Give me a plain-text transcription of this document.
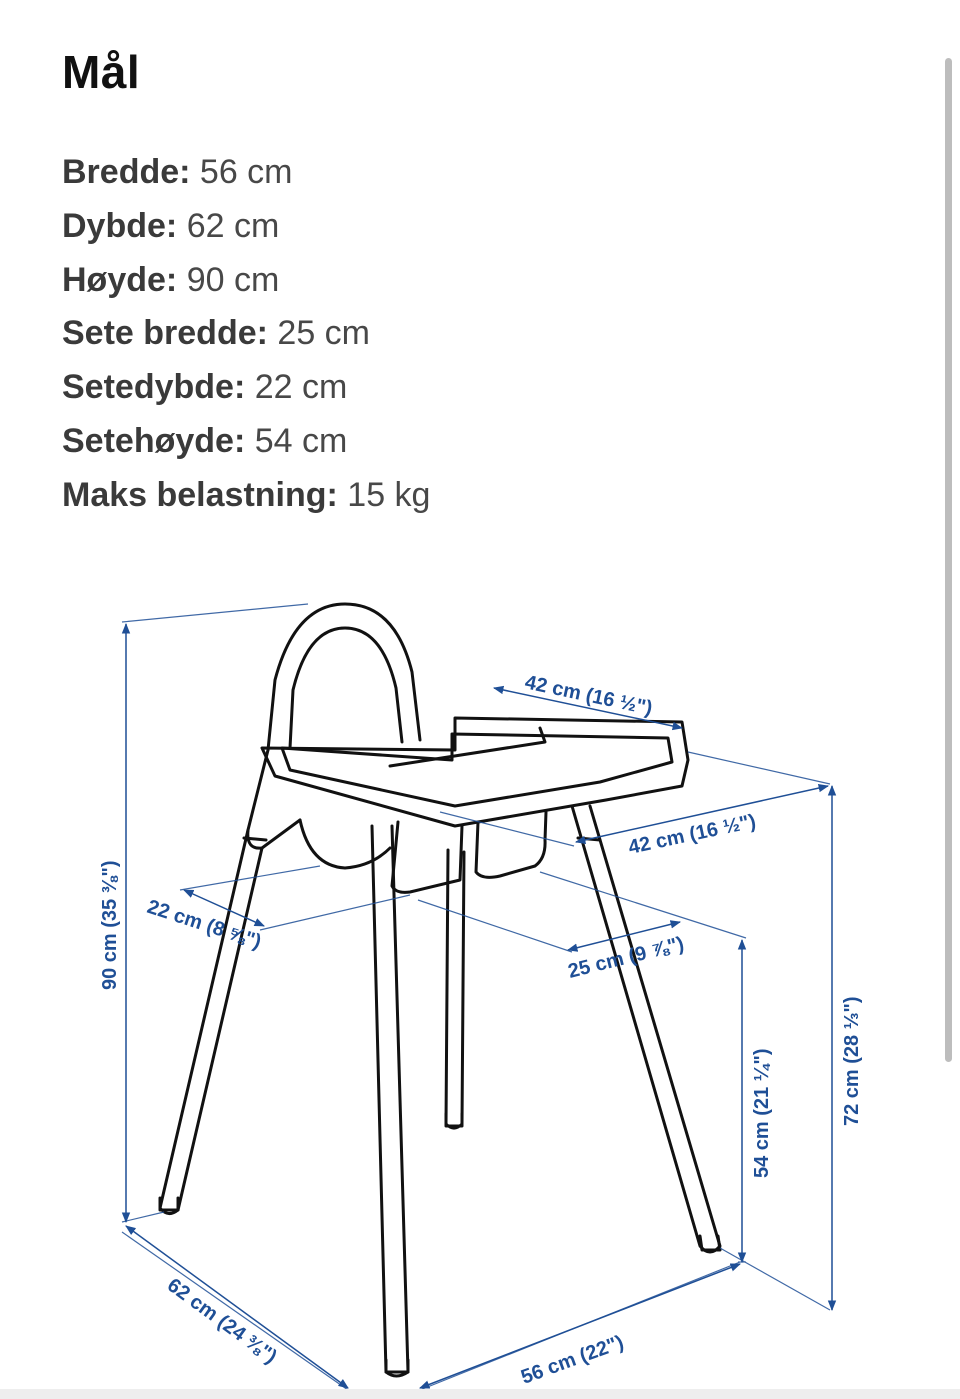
Mål
Bredde: 56 cm
Dybde: 62 cm
Høyde: 90 cm
Sete bredde: 25 cm
Setedybde: 22 cm
Setehøyde: 54 cm
Maks belastning: 15 kg
42 cm (16 ½")
42 cm (16 ½")
22 cm (8 ⅝")
25 cm (9 ⅞")
90 cm (35 ⅜")
54 cm (21 ¼")	72 cm (28 ⅓")
62 cm (24 ⅜")	56 cm (22")
